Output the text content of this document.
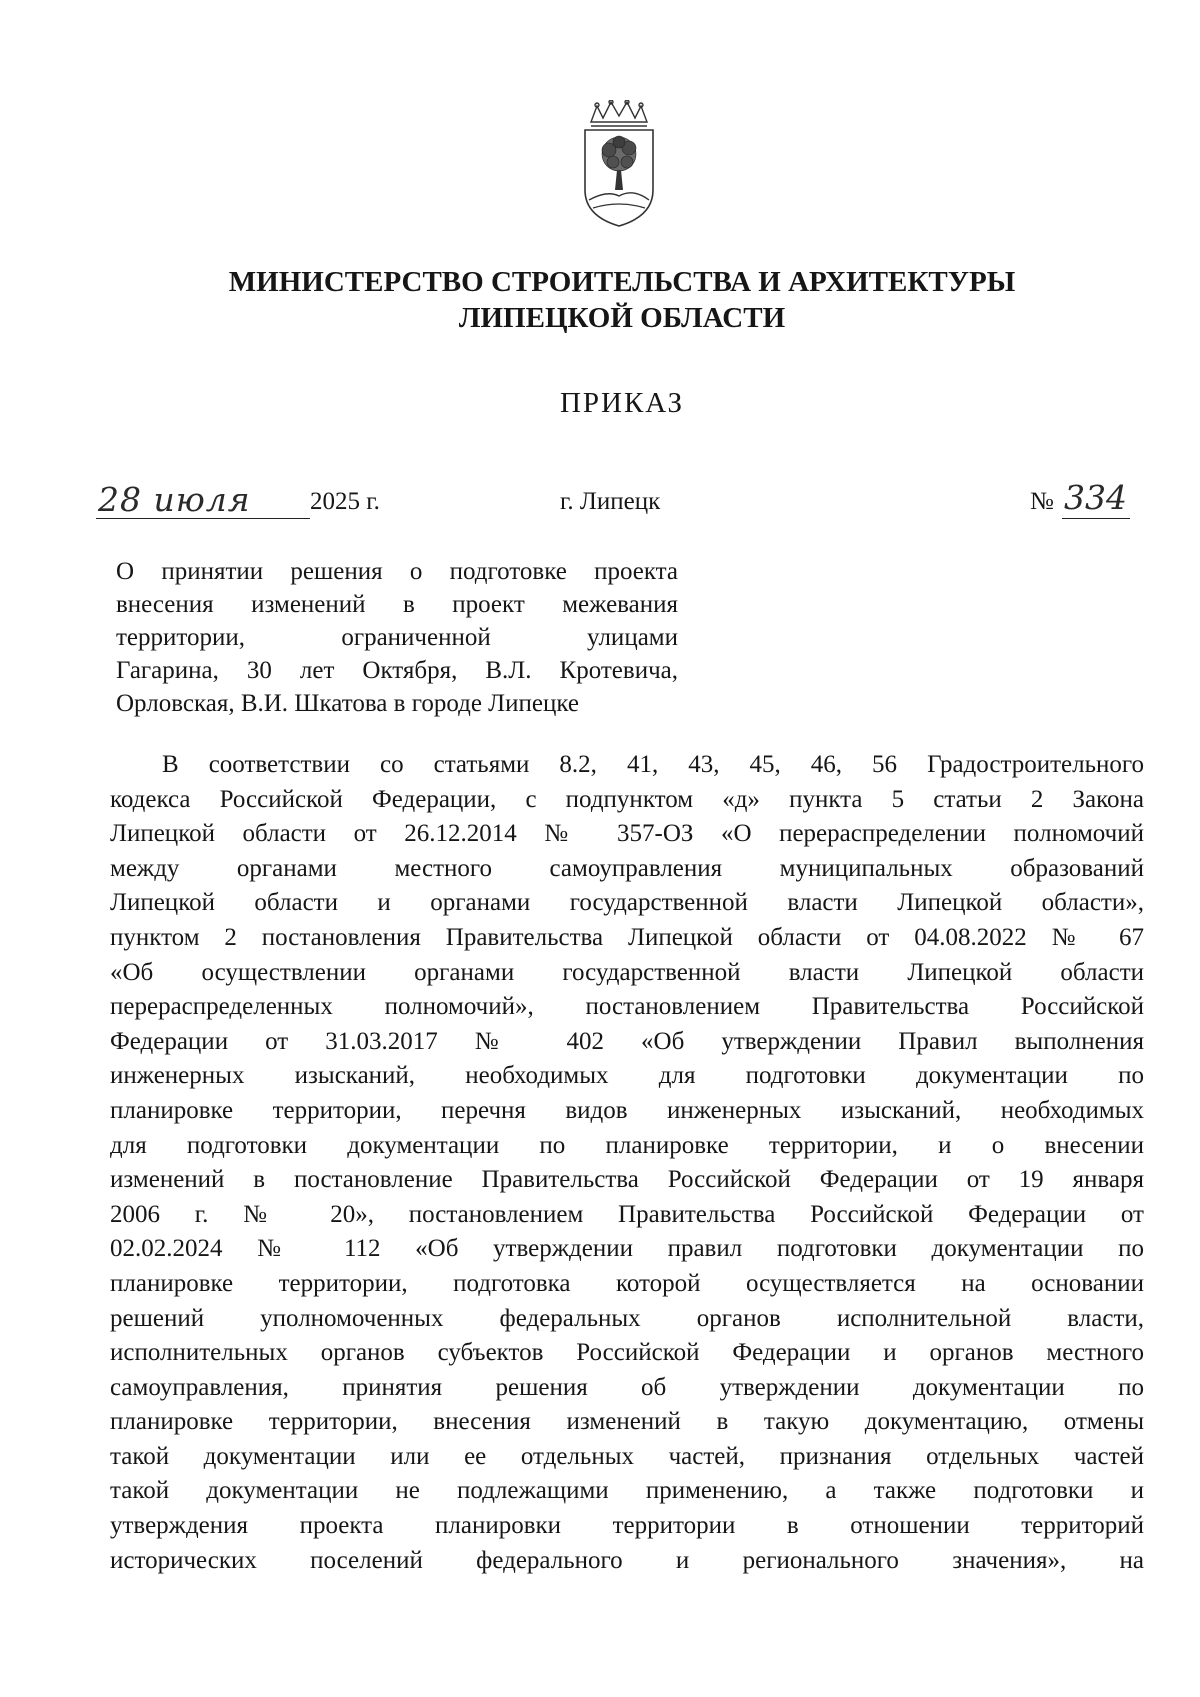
МИНИСТЕРСТВО СТРОИТЕЛЬСТВА И АРХИТЕКТУРЫ
ЛИПЕЦКОЙ ОБЛАСТИ
ПРИКАЗ
28 июля	2025 г.	г. Липецк	№ 334
О принятии решения о подготовке проекта
внесения изменений в проект межевания
территории, ограниченной улицами
Гагарина, 30 лет Октября, В.Л. Кротевича,
Орловская, В.И. Шкатова в городе Липецке
В соответствии со статьями 8.2, 41, 43, 45, 46, 56 Градостроительного
кодекса Российской Федерации, с подпунктом «д» пункта 5 статьи 2 Закона
Липецкой области от 26.12.2014 № 357-ОЗ «О перераспределении полномочий
между органами местного самоуправления муниципальных образований
Липецкой области и органами государственной власти Липецкой области»,
пунктом 2 постановления Правительства Липецкой области от 04.08.2022 № 67
«Об осуществлении органами государственной власти Липецкой области
перераспределенных полномочий», постановлением Правительства Российской
Федерации от 31.03.2017 № 402 «Об утверждении Правил выполнения
инженерных изысканий, необходимых для подготовки документации по
планировке территории, перечня видов инженерных изысканий, необходимых
для подготовки документации по планировке территории, и о внесении
изменений в постановление Правительства Российской Федерации от 19 января
2006 г. № 20», постановлением Правительства Российской Федерации от
02.02.2024 № 112 «Об утверждении правил подготовки документации по
планировке территории, подготовка которой осуществляется на основании
решений уполномоченных федеральных органов исполнительной власти,
исполнительных органов субъектов Российской Федерации и органов местного
самоуправления, принятия решения об утверждении документации по
планировке территории, внесения изменений в такую документацию, отмены
такой документации или ее отдельных частей, признания отдельных частей
такой документации не подлежащими применению, а также подготовки и
утверждения проекта планировки территории в отношении территорий
исторических поселений федерального и регионального значения», на
